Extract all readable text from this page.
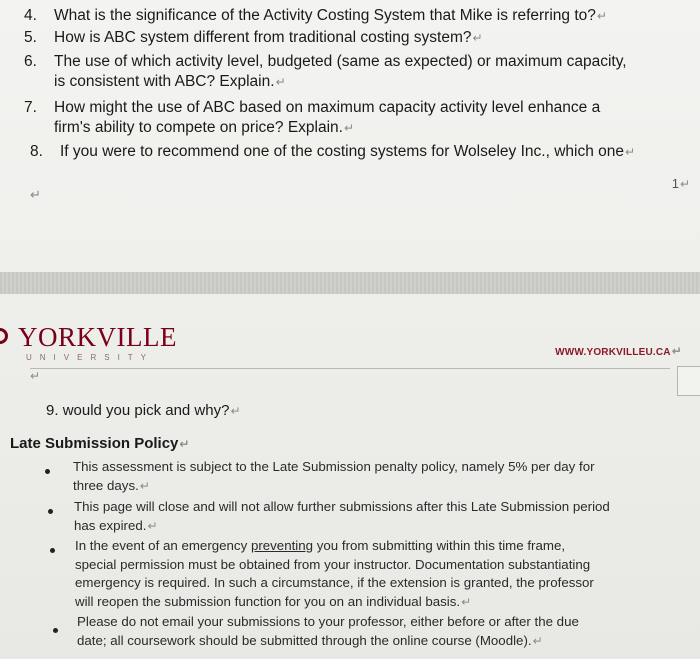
4. What is the significance of the Activity Costing System that Mike is referring to?↵
5. How is ABC system different from traditional costing system?↵
6. The use of which activity level, budgeted (same as expected) or maximum capacity,
is consistent with ABC? Explain.↵
7. How might the use of ABC based on maximum capacity activity level enhance a
firm's ability to compete on price? Explain.↵
8. If you were to recommend one of the costing systems for Wolseley Inc., which one↵
1↵
↵
YORKVILLE
UNIVERSITY	WWW.YORKVILLEU.CA↵
↵
9. would you pick and why?↵
Late Submission Policy↵
This assessment is subject to the Late Submission penalty policy, namely 5% per day for
three days.↵
This page will close and will not allow further submissions after this Late Submission period
has expired.↵
In the event of an emergency preventing you from submitting within this time frame,
special permission must be obtained from your instructor. Documentation substantiating
emergency is required. In such a circumstance, if the extension is granted, the professor
will reopen the submission function for you on an individual basis.↵
Please do not email your submissions to your professor, either before or after the due
date; all coursework should be submitted through the online course (Moodle).↵
